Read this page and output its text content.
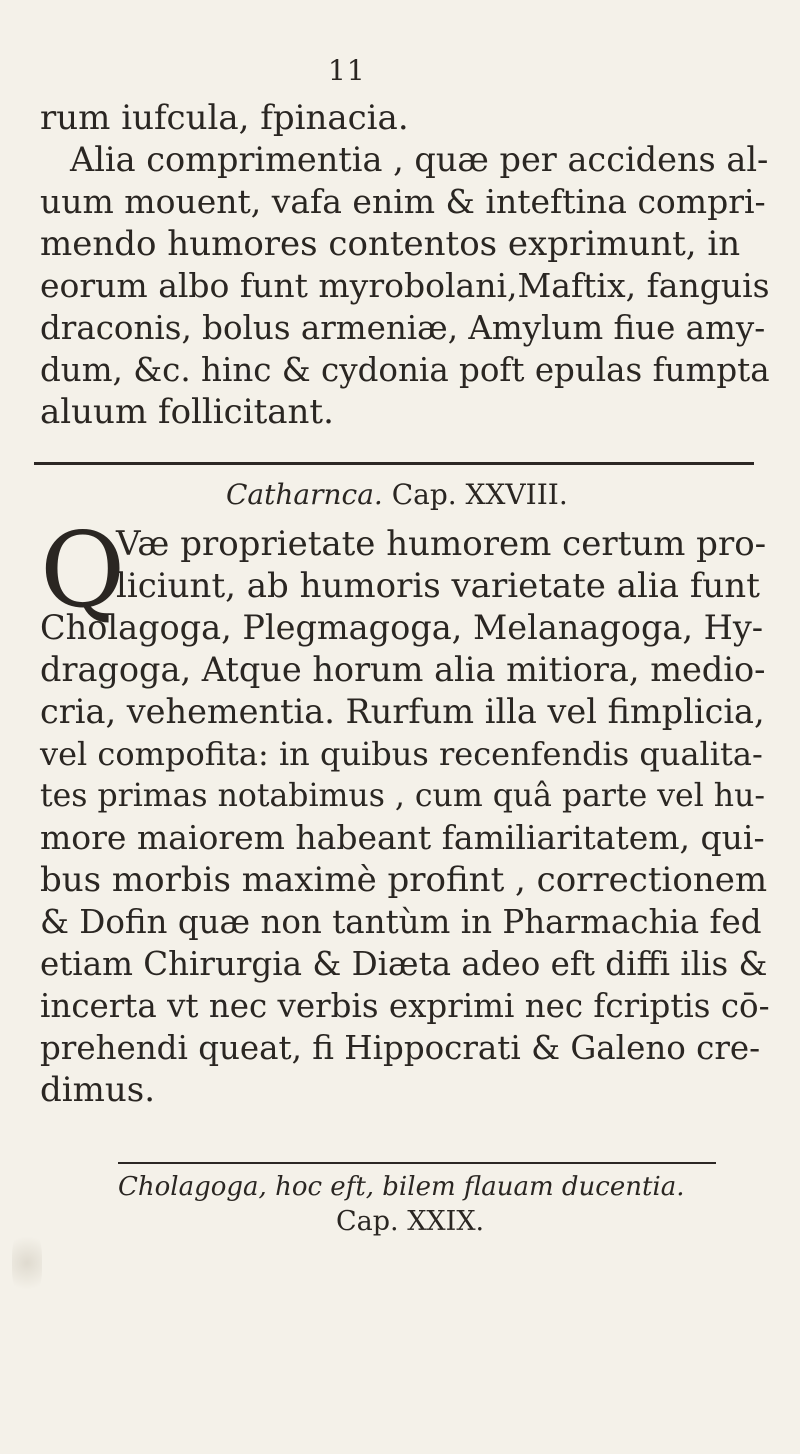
11
rum iufcula, fpinacia.
Alia comprimentia , quæ per accidens al-
uum mouent, vafa enim & inteftina compri-
mendo humores contentos exprimunt, in
eorum albo funt myrobolani,Maftix, fanguis
draconis, bolus armeniæ, Amylum fiue amy-
dum, &c. hinc & cydonia poft epulas fumpta
aluum follicitant.
Catharnca. Cap. XXVIII.
Q
Væ proprietate humorem certum pro-
liciunt, ab humoris varietate alia funt
Cholagoga, Plegmagoga, Melanagoga, Hy-
dragoga, Atque horum alia mitiora, medio-
cria, vehementia. Rurfum illa vel fimplicia,
vel compofita: in quibus recenfendis qualita-
tes primas notabimus , cum quâ parte vel hu-
more maiorem habeant familiaritatem, qui-
bus morbis maximè profint , correctionem
& Dofin quæ non tantùm in Pharmachia fed
etiam Chirurgia & Diæta adeo eft diffi ilis &
incerta vt nec verbis exprimi nec fcriptis cō-
prehendi queat, fi Hippocrati & Galeno cre-
dimus.
Cholagoga, hoc eft, bilem flauam ducentia.
Cap. XXIX.
